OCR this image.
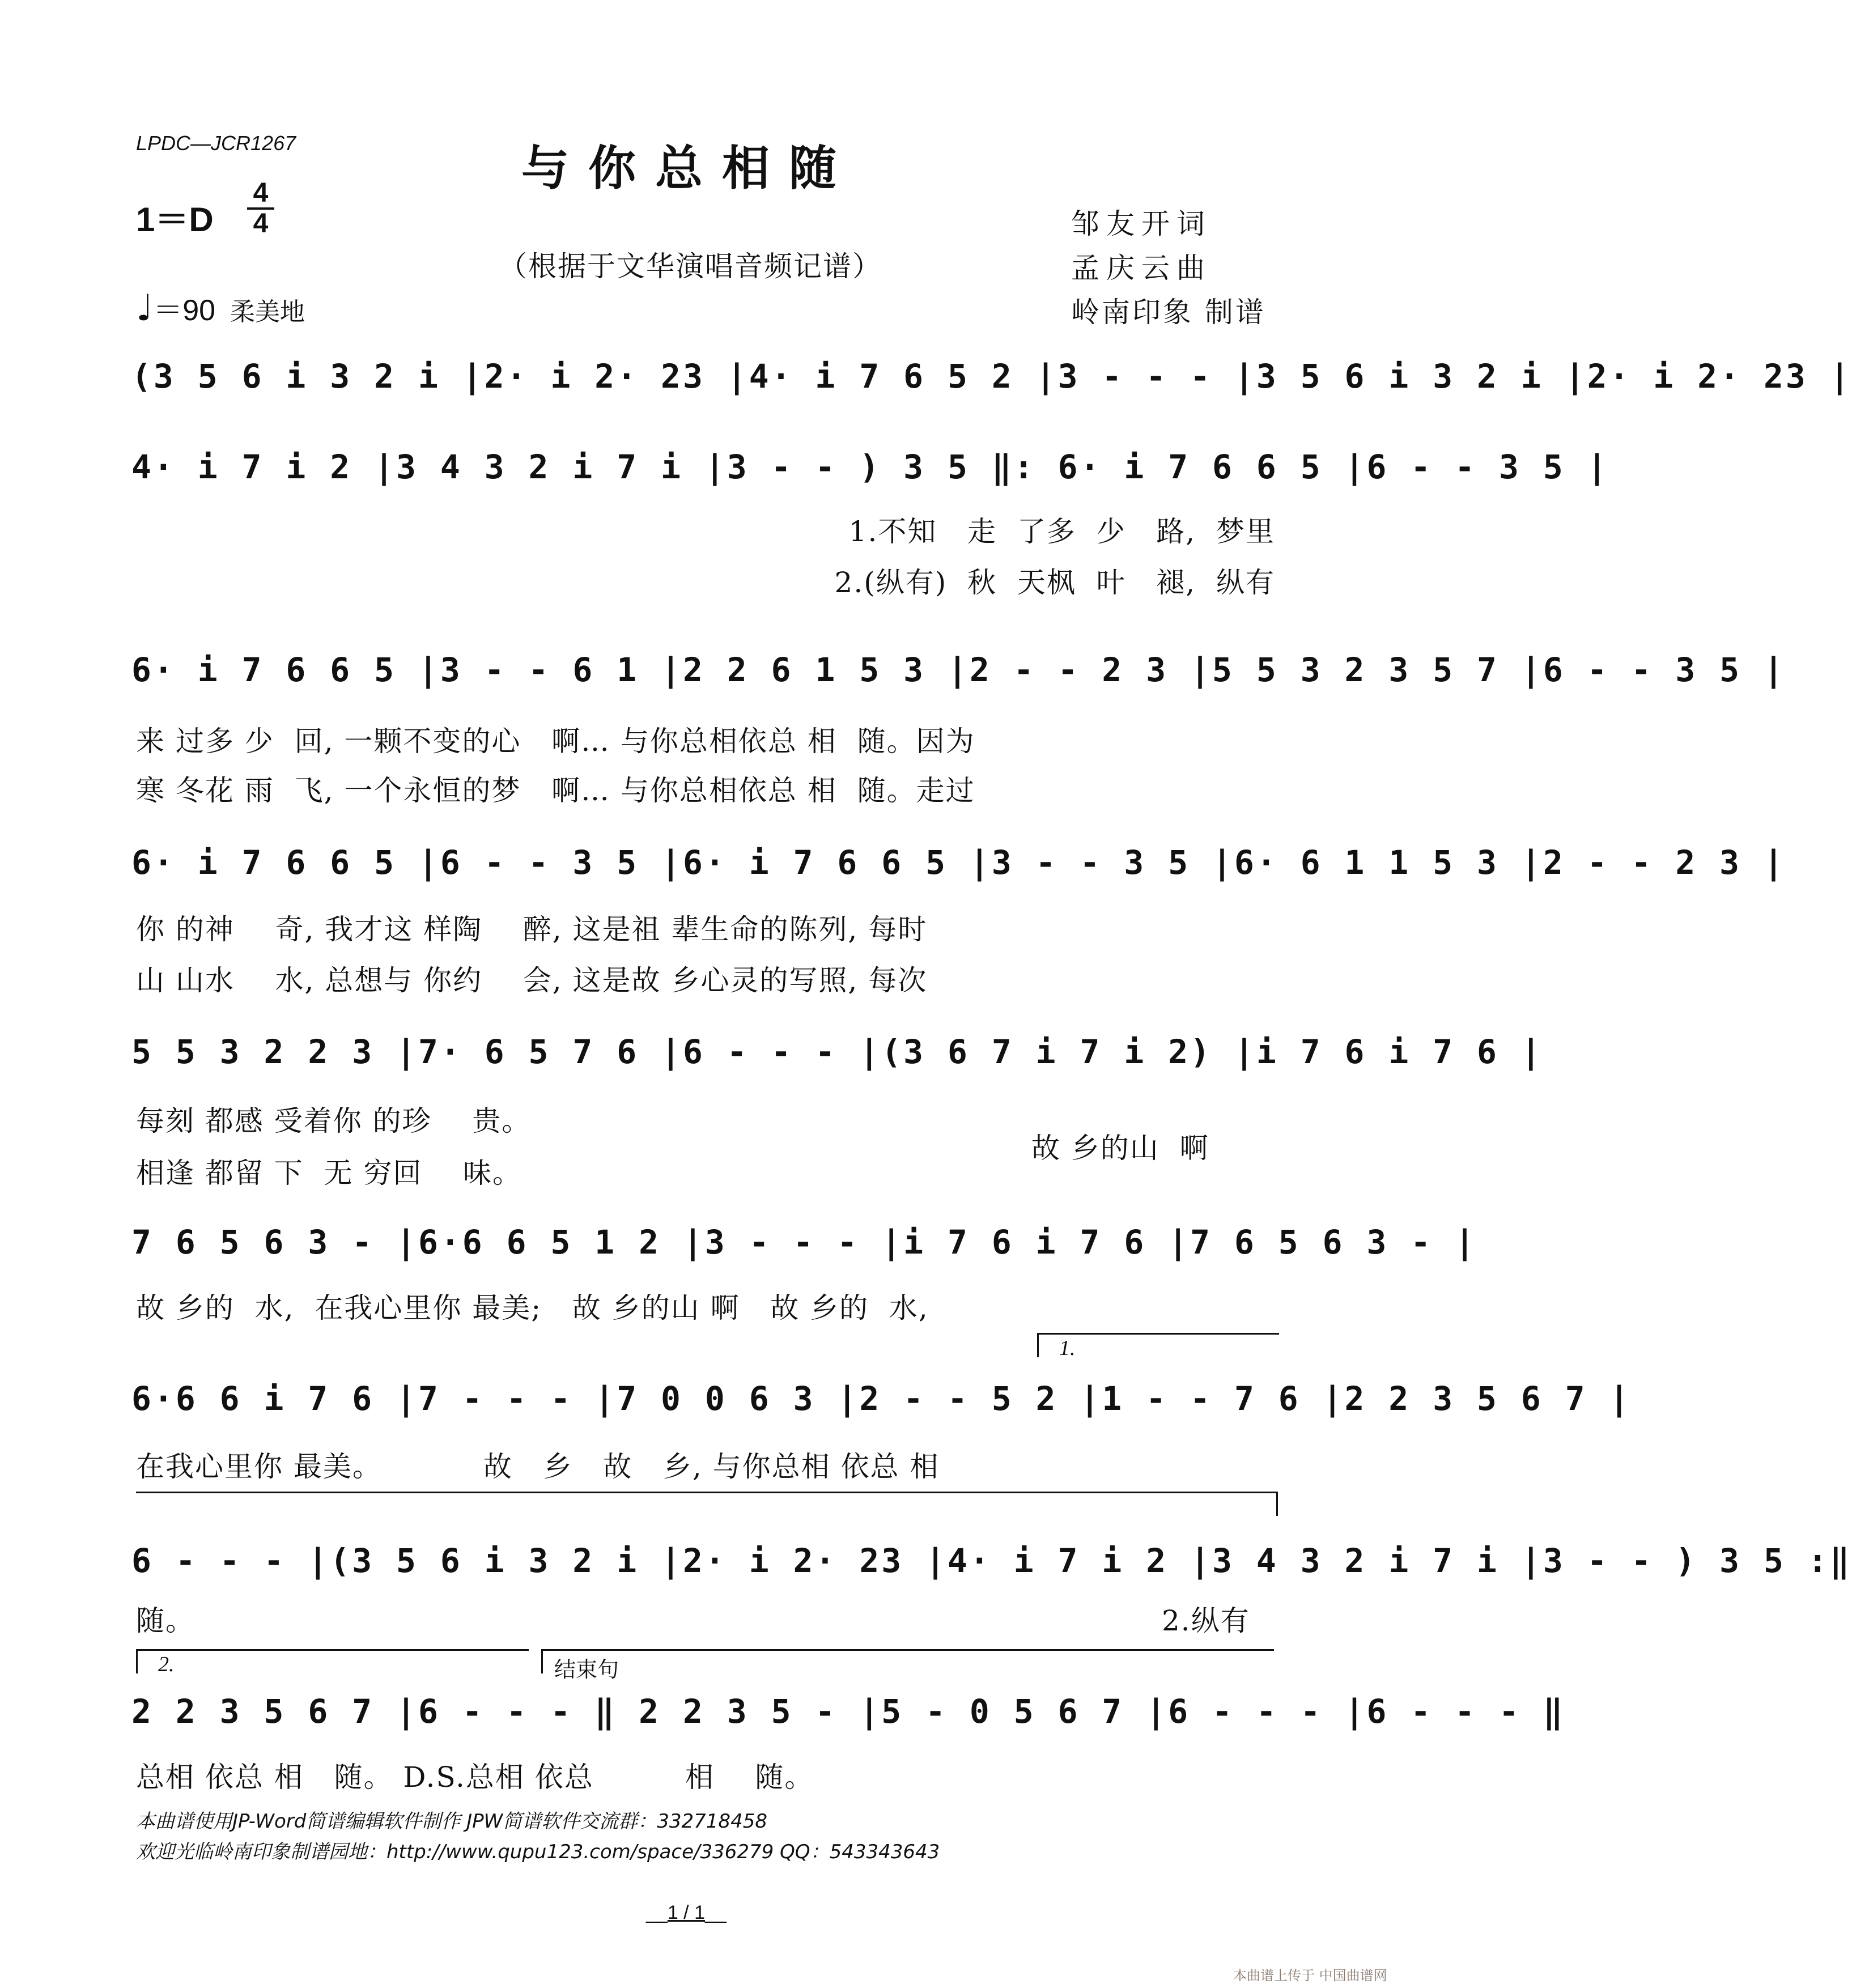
LPDC—JCR1267	与你总相随
1＝D
4
4
（根据于文华演唱音频记谱）
邹友开词
孟庆云曲
岭南印象 制谱
♩＝90 柔美地
(3 5 6 i 3 2 i |2· i 2· 23 |4· i 7 6 5 2 |3 - - - |3 5 6 i 3 2 i |2· i 2· 23 |
4· i 7 i 2 |3 4 3 2 i 7 i |3 - - ) 3 5 ‖: 6· i 7 6 6 5 |6 - - 3 5 |
1.不知   走  了多  少   路,  梦里
2.(纵有)  秋  天枫  叶   褪,  纵有
6· i 7 6 6 5 |3 - - 6 1 |2 2 6 1 5 3 |2 - - 2 3 |5 5 3 2 3 5 7 |6 - - 3 5 |
来 过多 少  回, 一颗不变的心   啊… 与你总相依总 相  随。因为
寒 冬花 雨  飞, 一个永恒的梦   啊… 与你总相依总 相  随。走过
6· i 7 6 6 5 |6 - - 3 5 |6· i 7 6 6 5 |3 - - 3 5 |6· 6 1 1 5 3 |2 - - 2 3 |
你 的神    奇, 我才这 样陶    醉, 这是祖 辈生命的陈列, 每时
山 山水    水, 总想与 你约    会, 这是故 乡心灵的写照, 每次
5 5 3 2 2 3 |7· 6 5 7 6 |6 - - - |(3 6 7 i 7 i 2) |i 7 6 i 7 6 |
每刻 都感 受着你 的珍    贵。
相逢 都留 下  无 穷回    味。
故 乡的山  啊
7 6 5 6 3 - |6·6 6 5 1 2 |3 - - - |i 7 6 i 7 6 |7 6 5 6 3 - |
故 乡的  水,  在我心里你 最美;   故 乡的山 啊   故 乡的  水,
1.
6·6 6 i 7 6 |7 - - - |7 0 0 6 3 |2 - - 5 2 |1 - - 7 6 |2 2 3 5 6 7 |
在我心里你 最美。          故   乡   故   乡, 与你总相 依总 相
6 - - - |(3 5 6 i 3 2 i |2· i 2· 23 |4· i 7 i 2 |3 4 3 2 i 7 i |3 - - ) 3 5 :‖
随。	2.纵有
2.	结束句
2 2 3 5 6 7 |6 - - - ‖ 2 2 3 5 - |5 - 0 5 6 7 |6 - - - |6 - - - ‖
总相 依总 相   随。 D.S.总相 依总         相    随。
本曲谱使用JP-Word简谱编辑软件制作 JPW简谱软件交流群：332718458
欢迎光临岭南印象制谱园地：http://www.qupu123.com/space/336279 QQ：543343643
__1 / 1__
本曲谱上传于 中国曲谱网
